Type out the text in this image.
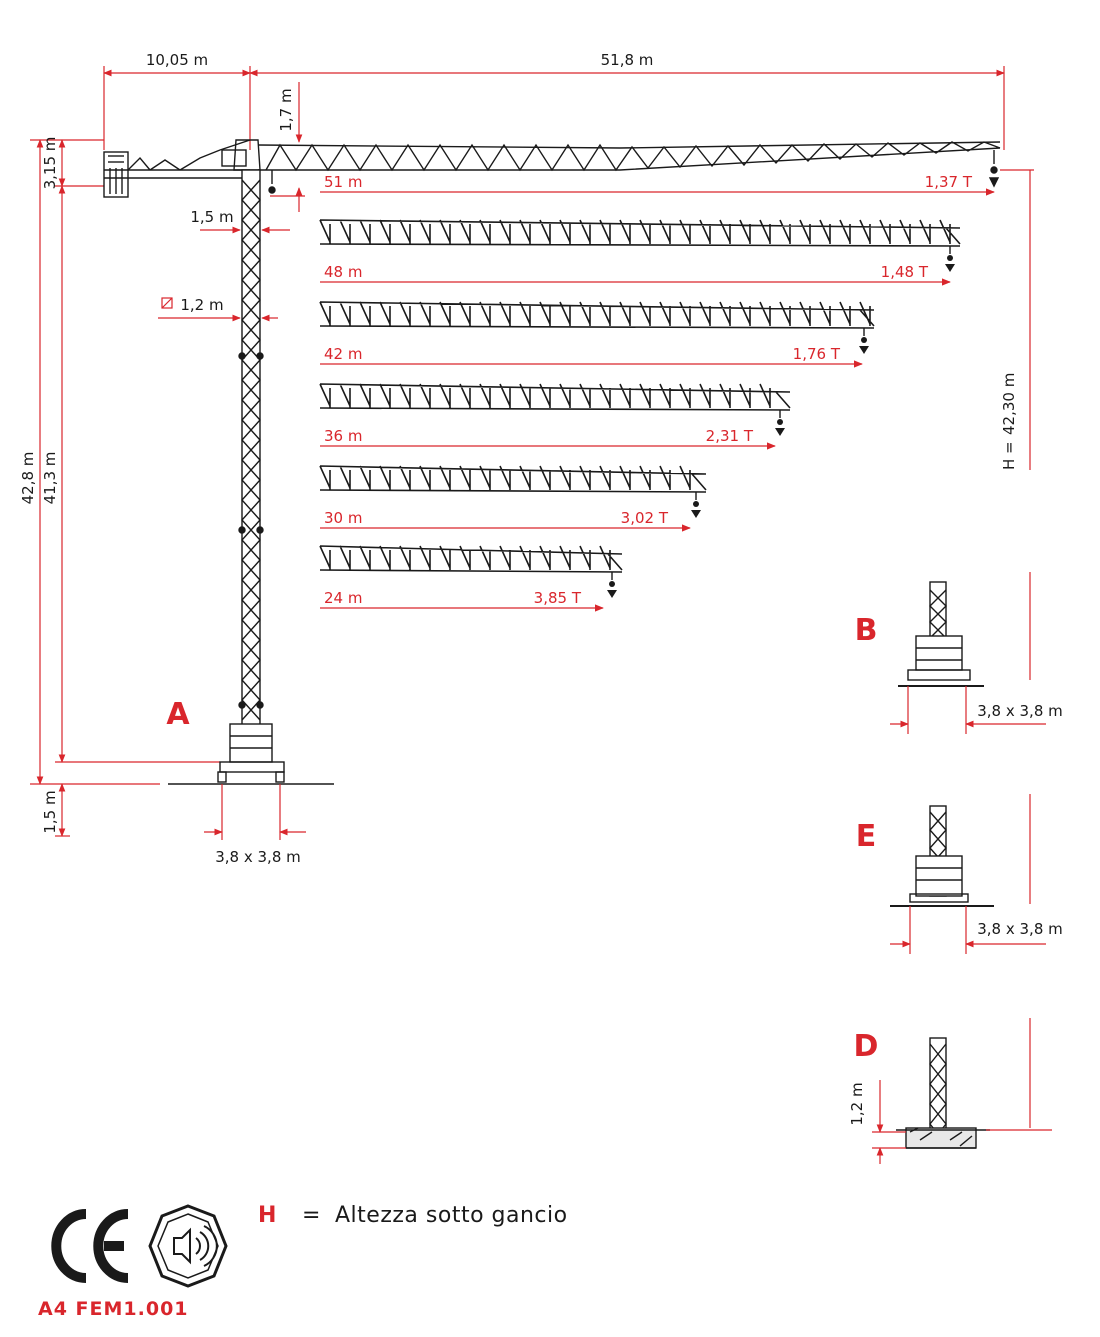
10,05 m	51,8 m
3,15 m
42,8 m 41,3 m
1,5 m
1,7 m
1,5 m
1,2 m
3,8 x 3,8 m
A
H =
42,30 m
51 m	1,37 T
48 m	1,48 T
42 m	1,76 T
36 m	2,31 T
30 m	3,02 T
24 m	3,85 T
B
3,8 x 3,8 m
E
3,8 x 3,8 m
D
1,2 m
H = Altezza sotto gancio
A4 FEM1.001
